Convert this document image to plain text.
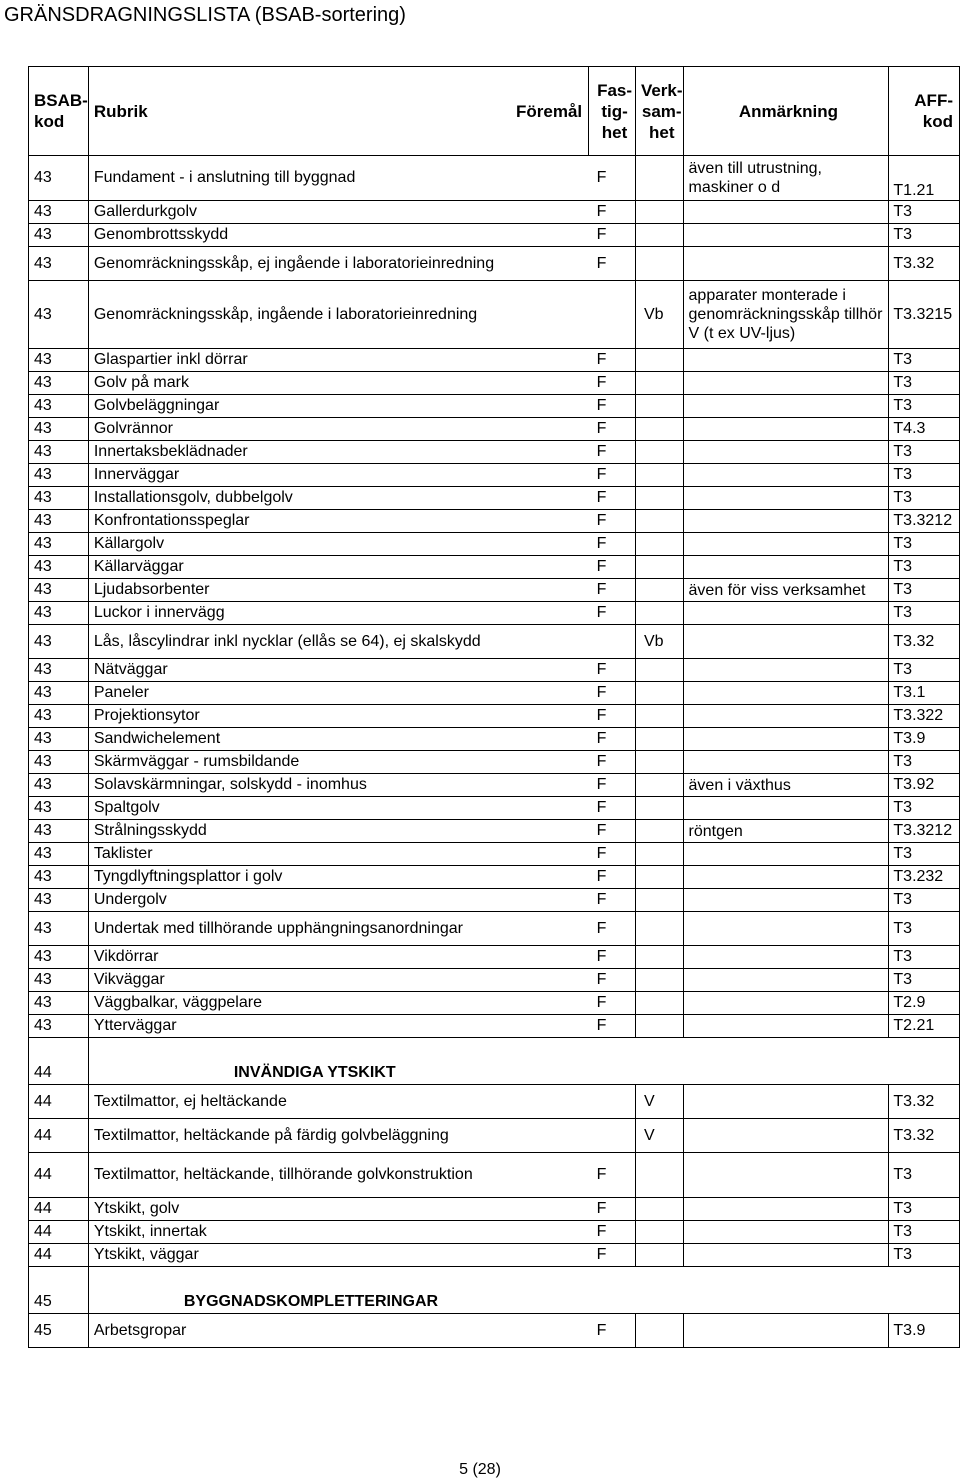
GRÄNSDRAGNINGSLISTA (BSAB-sortering)
BSAB-kod	Rubrik	Föremål	Fas-tig-het	Verk-sam-het	Anmärkning	AFF-kod
43	Fundament - i anslutning till byggnad		F		även till utrustning, maskiner o d	T1.21
43	Gallerdurkgolv		F			T3
43	Genombrottsskydd		F			T3
43	Genomräckningsskåp, ej ingående i laboratorieinredning		F			T3.32
43	Genomräckningsskåp, ingående i laboratorieinredning			Vb	apparater monterade i genomräckningsskåp tillhör V (t ex UV-ljus)	T3.3215
43	Glaspartier inkl dörrar		F			T3
43	Golv på mark		F			T3
43	Golvbeläggningar		F			T3
43	Golvrännor		F			T4.3
43	Innertaksbeklädnader		F			T3
43	Innerväggar		F			T3
43	Installationsgolv, dubbelgolv		F			T3
43	Konfrontationsspeglar		F			T3.3212
43	Källargolv		F			T3
43	Källarväggar		F			T3
43	Ljudabsorbenter		F		även för viss verksamhet	T3
43	Luckor i innervägg		F			T3
43	Lås, låscylindrar inkl nycklar (ellås se 64), ej skalskydd			Vb		T3.32
43	Nätväggar		F			T3
43	Paneler		F			T3.1
43	Projektionsytor		F			T3.322
43	Sandwichelement		F			T3.9
43	Skärmväggar - rumsbildande		F			T3
43	Solavskärmningar, solskydd - inomhus		F		även i växthus	T3.92
43	Spaltgolv		F			T3
43	Strålningsskydd		F		röntgen	T3.3212
43	Taklister		F			T3
43	Tyngdlyftningsplattor i golv		F			T3.232
43	Undergolv		F			T3
43	Undertak med tillhörande upphängningsanordningar		F			T3
43	Vikdörrar		F			T3
43	Vikväggar		F			T3
43	Väggbalkar, väggpelare		F			T2.9
43	Ytterväggar		F			T2.21
44	INVÄNDIGA YTSKIKT					
44	Textilmattor, ej heltäckande			V		T3.32
44	Textilmattor, heltäckande på färdig golvbeläggning			V		T3.32
44	Textilmattor, heltäckande, tillhörande golvkonstruktion		F			T3
44	Ytskikt, golv		F			T3
44	Ytskikt, innertak		F			T3
44	Ytskikt, väggar		F			T3
45	BYGGNADSKOMPLETTERINGAR					
45	Arbetsgropar		F			T3.9
5 (28)
